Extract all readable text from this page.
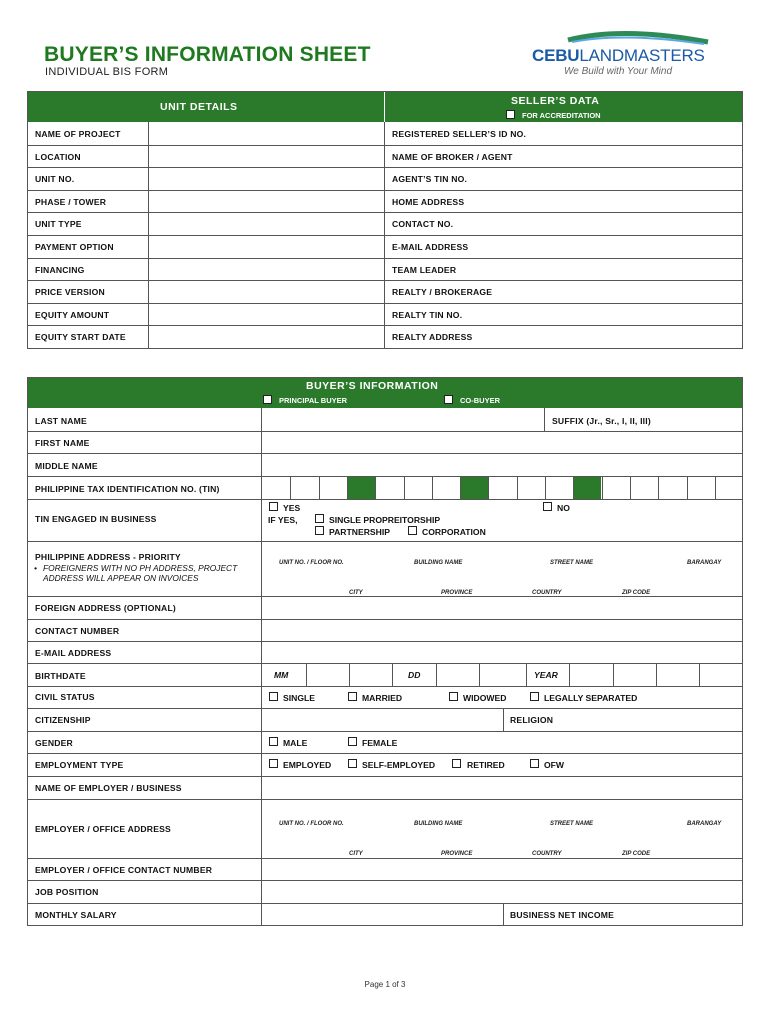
BUYER’S INFORMATION SHEET
INDIVIDUAL BIS FORM
CEBULANDMASTERS
We Build with Your Mind
UNIT DETAILS	SELLER’S DATA
FOR ACCREDITATION
NAME OF PROJECT	REGISTERED SELLER’S ID NO.
LOCATION	NAME OF BROKER / AGENT
UNIT NO.	AGENT’S TIN NO.
PHASE / TOWER	HOME ADDRESS
UNIT TYPE	CONTACT NO.
PAYMENT OPTION	E-MAIL ADDRESS
FINANCING	TEAM LEADER
PRICE VERSION	REALTY / BROKERAGE
EQUITY AMOUNT	REALTY TIN NO.
EQUITY START DATE	REALTY ADDRESS
BUYER’S INFORMATION
PRINCIPAL BUYER	CO-BUYER
LAST NAME	SUFFIX (Jr., Sr., I, II, III)
FIRST NAME
MIDDLE NAME
PHILIPPINE TAX IDENTIFICATION NO. (TIN)
TIN ENGAGED IN BUSINESS
YES	NO
IF YES,	SINGLE PROPREITORSHIP
PARTNERSHIP	CORPORATION
PHILIPPINE ADDRESS - PRIORITY
• FOREIGNERS WITH NO PH ADDRESS, PROJECT
ADDRESS WILL APPEAR ON INVOICES
UNIT NO. / FLOOR NO.	BUILDING NAME	STREET NAME	BARANGAY
CITY	PROVINCE	COUNTRY	ZIP CODE
FOREIGN ADDRESS (OPTIONAL)
CONTACT NUMBER
E-MAIL ADDRESS
BIRTHDATE	MM	DD	YEAR
CIVIL STATUS	SINGLE	MARRIED	WIDOWED	LEGALLY SEPARATED
CITIZENSHIP	RELIGION
GENDER	MALE	FEMALE
EMPLOYMENT TYPE	EMPLOYED	SELF-EMPLOYED	RETIRED	OFW
NAME OF EMPLOYER / BUSINESS
EMPLOYER / OFFICE ADDRESS	UNIT NO. / FLOOR NO.	BUILDING NAME	STREET NAME	BARANGAY
CITY	PROVINCE	COUNTRY	ZIP CODE
EMPLOYER / OFFICE CONTACT NUMBER
JOB POSITION
MONTHLY SALARY	BUSINESS NET INCOME
Page 1 of 3
